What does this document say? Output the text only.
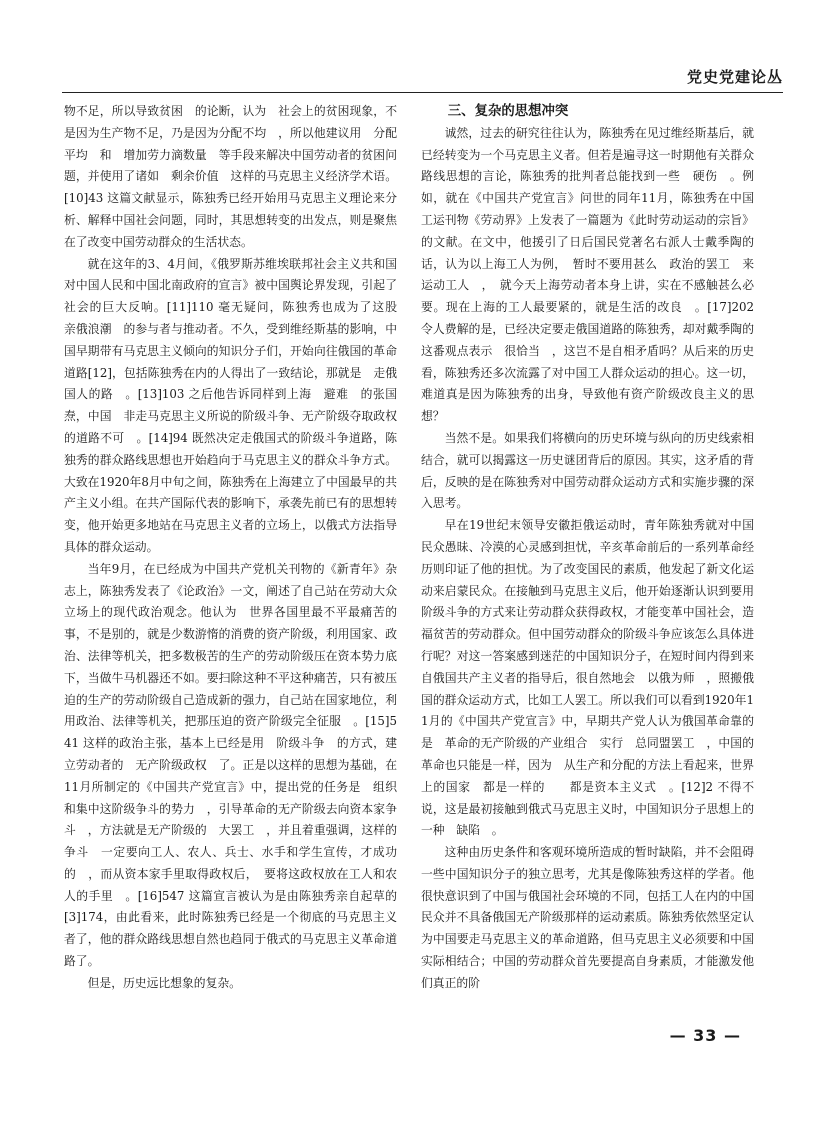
党史党建论丛

物不足，所以导致贫困　的论断，认为　社会上的贫困现象，不是因为生产物不足，乃是因为分配不均　，所以他建议用　分配平均　和　增加劳力滴数量　等手段来解决中国劳动者的贫困问题，并使用了诸如　剩余价值　这样的马克思主义经济学术语。[10]43 这篇文献显示，陈独秀已经开始用马克思主义理论来分析、解释中国社会问题，同时，其思想转变的出发点，则是聚焦在了改变中国劳动群众的生活状态。

就在这年的3、4月间，《俄罗斯苏维埃联邦社会主义共和国对中国人民和中国北南政府的宣言》被中国舆论界发现，引起了社会的巨大反响。[11]110 毫无疑问，陈独秀也成为了这股　亲俄浪潮　的参与者与推动者。不久，受到维经斯基的影响，中国早期带有马克思主义倾向的知识分子们，开始向往俄国的革命道路[12]，包括陈独秀在内的人得出了一致结论，那就是　走俄国人的路　。[13]103 之后他告诉同样到上海　避难　的张国焘，中国　非走马克思主义所说的阶级斗争、无产阶级夺取政权的道路不可　。[14]94 既然决定走俄国式的阶级斗争道路，陈独秀的群众路线思想也开始趋向于马克思主义的群众斗争方式。大致在1920年8月中旬之间，陈独秀在上海建立了中国最早的共产主义小组。在共产国际代表的影响下，承袭先前已有的思想转变，他开始更多地站在马克思主义者的立场上，以俄式方法指导具体的群众运动。

当年9月，在已经成为中国共产党机关刊物的《新青年》杂志上，陈独秀发表了《论政治》一文，阐述了自己站在劳动大众立场上的现代政治观念。他认为　世界各国里最不平最痛苦的事，不是别的，就是少数游惰的消费的资产阶级，利用国家、政治、法律等机关，把多数极苦的生产的劳动阶级压在资本势力底下，当做牛马机器还不如。要扫除这种不平这种痛苦，只有被压迫的生产的劳动阶级自己造成新的强力，自己站在国家地位，利用政治、法律等机关，把那压迫的资产阶级完全征服　。[15]541 这样的政治主张，基本上已经是用　阶级斗争　的方式，建立劳动者的　无产阶级政权　了。正是以这样的思想为基础，在11月所制定的《中国共产党宣言》中，提出党的任务是　组织和集中这阶级争斗的势力　，引导革命的无产阶级去向资本家争斗　，方法就是无产阶级的　大罢工　，并且着重强调，这样的争斗　一定要向工人、农人、兵士、水手和学生宣传，才成功的　，而从资本家手里取得政权后，　要将这政权放在工人和农人的手里　。[16]547 这篇宣言被认为是由陈独秀亲自起草的[3]174，由此看来，此时陈独秀已经是一个彻底的马克思主义者了，他的群众路线思想自然也趋同于俄式的马克思主义革命道路了。

但是，历史远比想象的复杂。

三、复杂的思想冲突

诚然，过去的研究往往认为，陈独秀在见过维经斯基后，就已经转变为一个马克思主义者。但若是遍寻这一时期他有关群众路线思想的言论，陈独秀的批判者总能找到一些　硬伤　。例如，就在《中国共产党宣言》问世的同年11月，陈独秀在中国工运刊物《劳动界》上发表了一篇题为《此时劳动运动的宗旨》的文献。在文中，他援引了日后国民党著名右派人士戴季陶的话，认为以上海工人为例，　暂时不要用甚么　政治的罢工　来运动工人　，　就今天上海劳动者本身上讲，实在不感触甚么必要。现在上海的工人最要紧的，就是生活的改良　。[17]202 令人费解的是，已经决定要走俄国道路的陈独秀，却对戴季陶的这番观点表示　很恰当　，这岂不是自相矛盾吗？从后来的历史看，陈独秀还多次流露了对中国工人群众运动的担心。这一切，难道真是因为陈独秀的出身，导致他有资产阶级改良主义的思想？

当然不是。如果我们将横向的历史环境与纵向的历史线索相结合，就可以揭露这一历史谜团背后的原因。其实，这矛盾的背后，反映的是在陈独秀对中国劳动群众运动方式和实施步骤的深入思考。

早在19世纪末领导安徽拒俄运动时，青年陈独秀就对中国民众愚昧、冷漠的心灵感到担忧，辛亥革命前后的一系列革命经历则印证了他的担忧。为了改变国民的素质，他发起了新文化运动来启蒙民众。在接触到马克思主义后，他开始逐渐认识到要用阶级斗争的方式来让劳动群众获得政权，才能变革中国社会，造福贫苦的劳动群众。但中国劳动群众的阶级斗争应该怎么具体进行呢？对这一答案感到迷茫的中国知识分子，在短时间内得到来自俄国共产主义者的指导后，很自然地会　以俄为师　，照搬俄国的群众运动方式，比如工人罢工。所以我们可以看到1920年11月的《中国共产党宣言》中，早期共产党人认为俄国革命靠的是　革命的无产阶级的产业组合　实行　总同盟罢工　，中国的革命也只能是一样，因为　从生产和分配的方法上看起来，世界上的国家　都是一样的　　都是资本主义式　。[12]2 不得不说，这是最初接触到俄式马克思主义时，中国知识分子思想上的一种　缺陷　。

这种由历史条件和客观环境所造成的暂时缺陷，并不会阻碍一些中国知识分子的独立思考，尤其是像陈独秀这样的学者。他很快意识到了中国与俄国社会环境的不同，包括工人在内的中国民众并不具备俄国无产阶级那样的运动素质。陈独秀依然坚定认为中国要走马克思主义的革命道路，但马克思主义必须要和中国实际相结合；中国的劳动群众首先要提高自身素质，才能激发他们真正的阶

— 33 —
